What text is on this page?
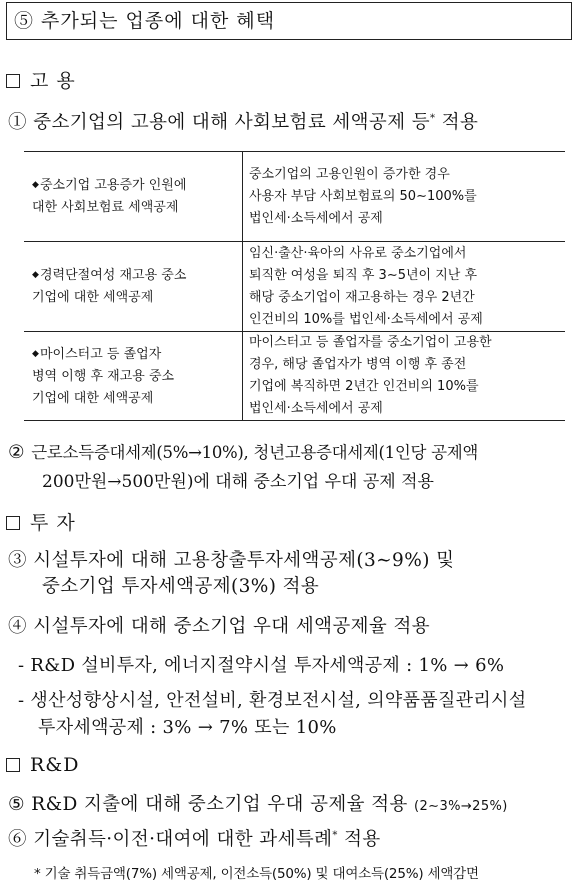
⑤ 추가되는 업종에 대한 혜택
고 용
① 중소기업의 고용에 대해 사회보험료 세액공제 등* 적용
◆중소기업 고용증가 인원에
대한 사회보험료 세액공제	중소기업의 고용인원이 증가한 경우
사용자 부담 사회보험료의 50∼100%를
법인세·소득세에서 공제

◆경력단절여성 재고용 중소
기업에 대한 세액공제	임신·출산·육아의 사유로 중소기업에서
퇴직한 여성을 퇴직 후 3∼5년이 지난 후
해당 중소기업이 재고용하는 경우 2년간
인건비의 10%를 법인세·소득세에서 공제

◆마이스터고 등 졸업자
병역 이행 후 재고용 중소
기업에 대한 세액공제	마이스터고 등 졸업자를 중소기업이 고용한
경우, 해당 졸업자가 병역 이행 후 종전
기업에 복직하면 2년간 인건비의 10%를
법인세·소득세에서 공제
② 근로소득증대세제(5%→10%), 청년고용증대세제(1인당 공제액
200만원→500만원)에 대해 중소기업 우대 공제 적용
투 자
③ 시설투자에 대해 고용창출투자세액공제(3∼9%) 및
중소기업 투자세액공제(3%) 적용
④ 시설투자에 대해 중소기업 우대 세액공제율 적용
- R&D 설비투자, 에너지절약시설 투자세액공제 : 1% → 6%
- 생산성향상시설, 안전설비, 환경보전시설, 의약품품질관리시설
투자세액공제 : 3% → 7% 또는 10%
R&D
⑤ R&D 지출에 대해 중소기업 우대 공제율 적용 (2∼3%→25%)
⑥ 기술취득·이전·대여에 대한 과세특례* 적용
* 기술 취득금액(7%) 세액공제, 이전소득(50%) 및 대여소득(25%) 세액감면
